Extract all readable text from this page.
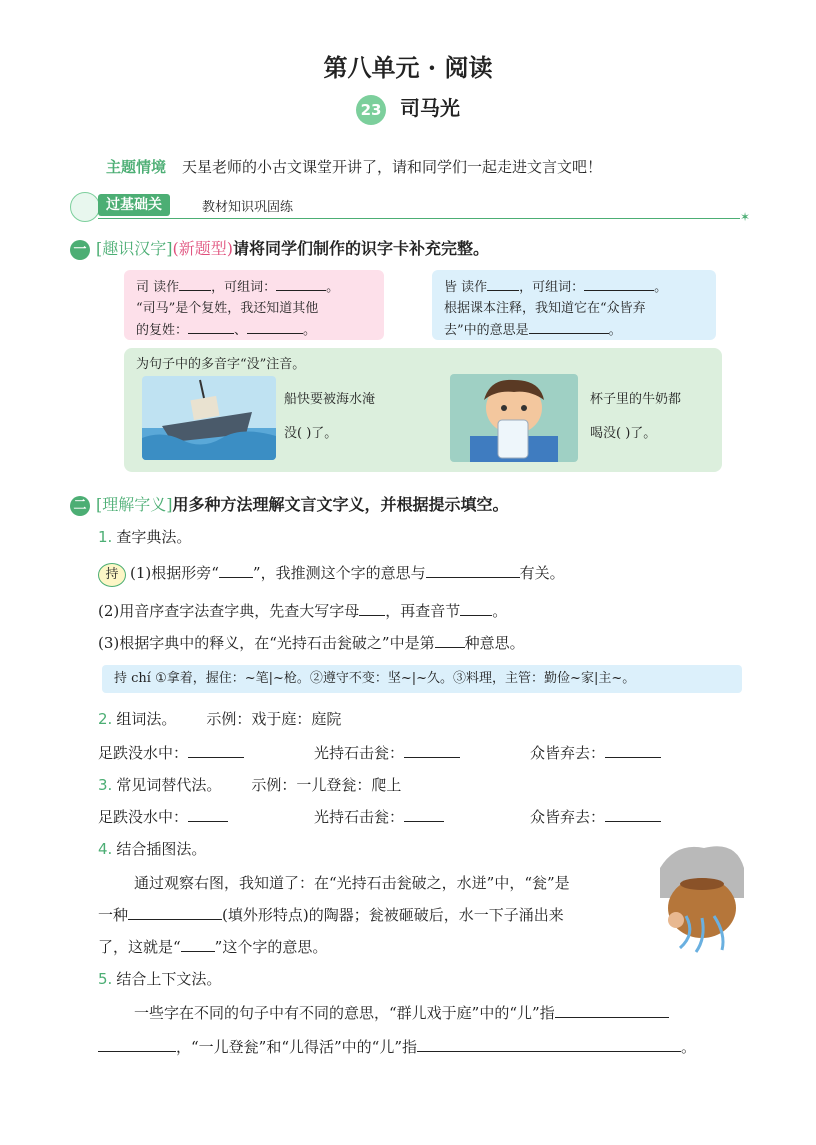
第八单元 · 阅读
23 司马光
主题情境 天星老师的小古文课堂开讲了，请和同学们一起走进文言文吧！
过基础关	教材知识巩固练
✶
一 [趣识汉字](新题型)请将同学们制作的识字卡补充完整。
司 读作 ，可组词：	。
“司马”是个复姓，我还知道其他
的复姓：	、	。
皆 读作 ，可组词：	。
根据课本注释，我知道它在“众皆弃
去”中的意思是	。
为句子中的多音字“没”注音。
船快要被海水淹
没( )了。
杯子里的牛奶都
喝没( )了。
二 [理解字义]用多种方法理解文言文字义，并根据提示填空。
1. 查字典法。
持 (1)根据形旁“ ”，我推测这个字的意思与	有关。
(2)用音序查字法查字典，先查大写字母 ，再查音节 。
(3)根据字典中的释义，在“光持石击瓮破之”中是第 种意思。
持 chí ①拿着，握住：~笔|~枪。②遵守不变：坚~|~久。③料理，主管：勤俭~家|主~。
2. 组词法。 示例：戏于庭：庭院
足跌没水中：	光持石击瓮：	众皆弃去：
3. 常见词替代法。 示例：一儿登瓮：爬上
足跌没水中：	光持石击瓮：	众皆弃去：
4. 结合插图法。
通过观察右图，我知道了：在“光持石击瓮破之，水迸”中，“瓮”是
一种	(填外形特点)的陶器；瓮被砸破后，水一下子涌出来
了，这就是“ ”这个字的意思。
5. 结合上下文法。
一些字在不同的句子中有不同的意思，“群儿戏于庭”中的“儿”指
，“一儿登瓮”和“儿得活”中的“儿”指	。
